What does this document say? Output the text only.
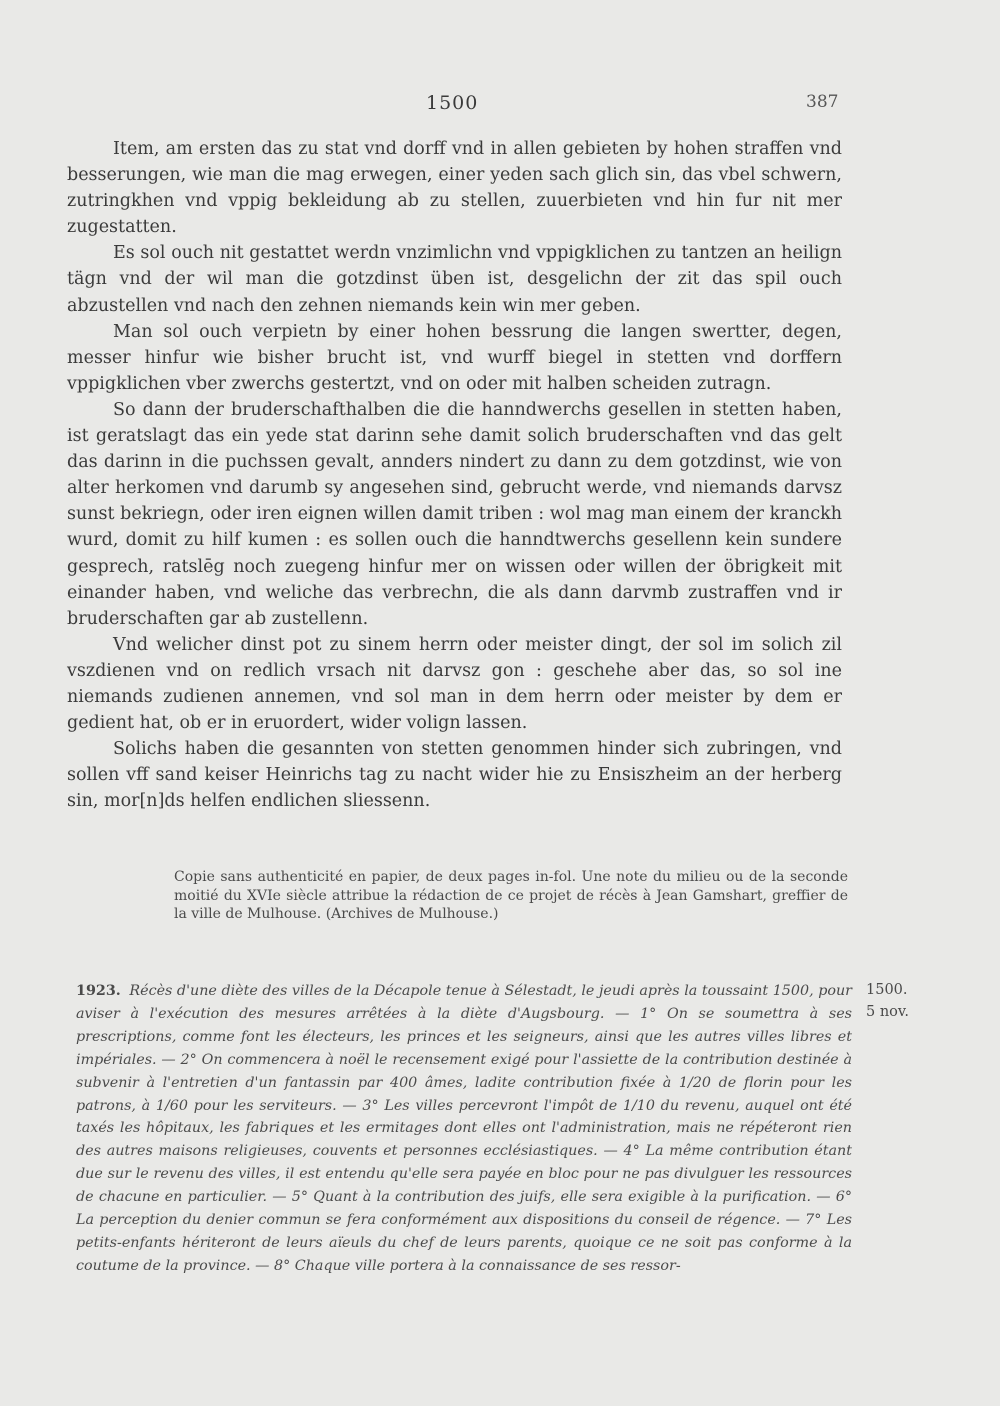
1500	387

Item, am ersten das zu stat vnd dorff vnd in allen gebieten by hohen straffen vnd besserungen, wie man die mag erwegen, einer yeden sach glich sin, das vbel schwern, zutringkhen vnd vppig bekleidung ab zu stellen, zuuerbieten vnd hin fur nit mer zugestatten.

Es sol ouch nit gestattet werdn vnzimlichn vnd vppigklichen zu tantzen an heilign tägn vnd der wil man die gotzdinst üben ist, desgelichn der zit das spil ouch abzustellen vnd nach den zehnen niemands kein win mer geben.

Man sol ouch verpietn by einer hohen bessrung die langen swertter, degen, messer hinfur wie bisher brucht ist, vnd wurff biegel in stetten vnd dorffern vppigklichen vber zwerchs gestertzt, vnd on oder mit halben scheiden zutragn.

So dann der bruderschafthalben die die hanndwerchs gesellen in stetten haben, ist geratslagt das ein yede stat darinn sehe damit solich bruderschaften vnd das gelt das darinn in die puchssen gevalt, annders nindert zu dann zu dem gotzdinst, wie von alter herkomen vnd darumb sy angesehen sind, gebrucht werde, vnd niemands darvsz sunst bekriegn, oder iren eignen willen damit triben : wol mag man einem der kranckh wurd, domit zu hilf kumen : es sollen ouch die hanndtwerchs gesellenn kein sundere gesprech, ratslēg noch zuegeng hinfur mer on wissen oder willen der öbrigkeit mit einander haben, vnd weliche das verbrechn, die als dann darvmb zustraffen vnd ir bruderschaften gar ab zustellenn.

Vnd welicher dinst pot zu sinem herrn oder meister dingt, der sol im solich zil vszdienen vnd on redlich vrsach nit darvsz gon : geschehe aber das, so sol ine niemands zudienen annemen, vnd sol man in dem herrn oder meister by dem er gedient hat, ob er in eruordert, wider volign lassen.

Solichs haben die gesannten von stetten genommen hinder sich zubringen, vnd sollen vff sand keiser Heinrichs tag zu nacht wider hie zu Ensiszheim an der herberg sin, mor[n]ds helfen endlichen sliessenn.

Copie sans authenticité en papier, de deux pages in-fol. Une note du milieu ou de la seconde moitié du XVIe siècle attribue la rédaction de ce projet de récès à Jean Gamshart, greffier de la ville de Mulhouse. (Archives de Mulhouse.)
1923. Récès d'une diète des villes de la Décapole tenue à Sélestadt, le jeudi après la toussaint 1500, pour aviser à l'exécution des mesures arrêtées à la diète d'Augsbourg. — 1° On se soumettra à ses prescriptions, comme font les électeurs, les princes et les seigneurs, ainsi que les autres villes libres et impériales. — 2° On commencera à noël le recensement exigé pour l'assiette de la contribution destinée à subvenir à l'entretien d'un fantassin par 400 âmes, ladite contribution fixée à 1/20 de florin pour les patrons, à 1/60 pour les serviteurs. — 3° Les villes percevront l'impôt de 1/10 du revenu, auquel ont été taxés les hôpitaux, les fabriques et les ermitages dont elles ont l'administration, mais ne répéteront rien des autres maisons religieuses, couvents et personnes ecclésiastiques. — 4° La même contribution étant due sur le revenu des villes, il est entendu qu'elle sera payée en bloc pour ne pas divulguer les ressources de chacune en particulier. — 5° Quant à la contribution des juifs, elle sera exigible à la purification. — 6° La perception du denier commun se fera conformément aux dispositions du conseil de régence. — 7° Les petits-enfants hériteront de leurs aïeuls du chef de leurs parents, quoique ce ne soit pas conforme à la coutume de la province. — 8° Chaque ville portera à la connaissance de ses ressor-
1500.
5 nov.
